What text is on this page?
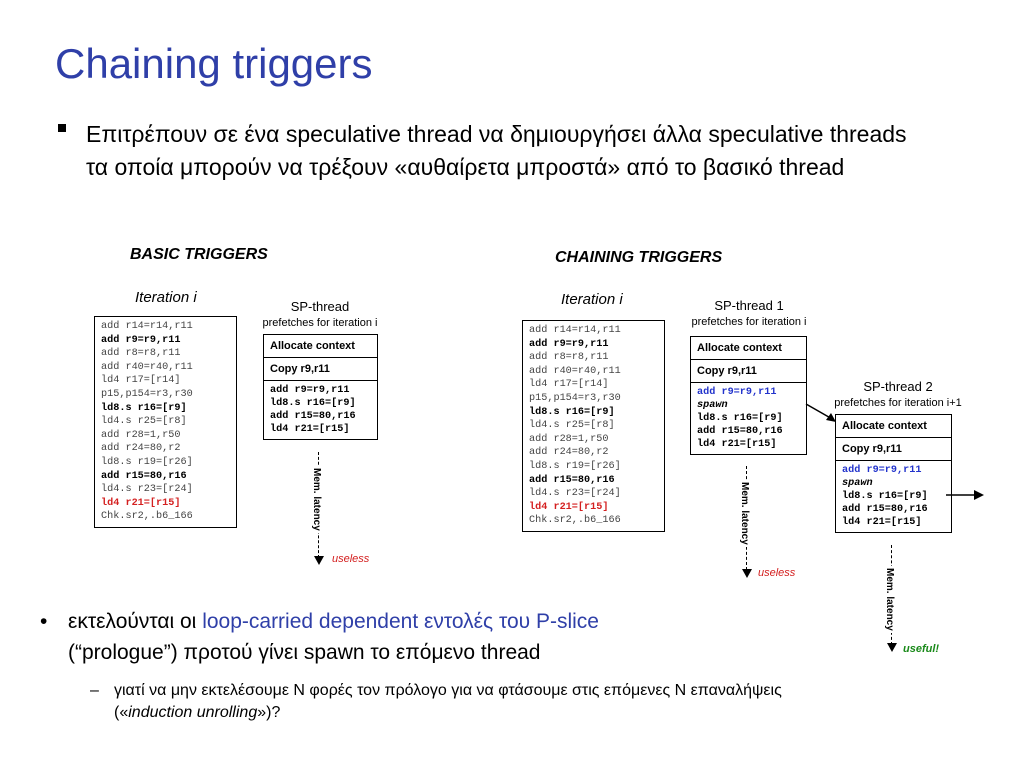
Chaining triggers
Επιτρέπουν σε ένα speculative thread να δημιουργήσει άλλα speculative threads τα οποία μπορούν να τρέξουν «αυθαίρετα μπροστά» από το βασικό thread
BASIC TRIGGERS
Iteration i
add r14=r14,r11
add r9=r9,r11
add r8=r8,r11
add r40=r40,r11
ld4 r17=[r14]
p15,p154=r3,r30
ld8.s r16=[r9]
ld4.s r25=[r8]
add r28=1,r50
add r24=80,r2
ld8.s r19=[r26]
add r15=80,r16
ld4.s r23=[r24]
ld4 r21=[r15]
Chk.sr2,.b6_166
SP-thread
prefetches for iteration i
Allocate context
Copy r9,r11
add r9=r9,r11
ld8.s r16=[r9]
add r15=80,r16
ld4 r21=[r15]
Mem. latency
useless
CHAINING TRIGGERS
Iteration i
add r14=r14,r11
add r9=r9,r11
add r8=r8,r11
add r40=r40,r11
ld4 r17=[r14]
p15,p154=r3,r30
ld8.s r16=[r9]
ld4.s r25=[r8]
add r28=1,r50
add r24=80,r2
ld8.s r19=[r26]
add r15=80,r16
ld4.s r23=[r24]
ld4 r21=[r15]
Chk.sr2,.b6_166
SP-thread 1
prefetches for iteration i
Allocate context
Copy r9,r11
add r9=r9,r11
spawn
ld8.s r16=[r9]
add r15=80,r16
ld4 r21=[r15]
Mem. latency
useless
SP-thread 2
prefetches for iteration i+1
Allocate context
Copy r9,r11
add r9=r9,r11
spawn
ld8.s r16=[r9]
add r15=80,r16
ld4 r21=[r15]
Mem. latency
useful!
• εκτελούνται οι loop-carried dependent εντολές του P-slice
(“prologue”) προτού γίνει spawn το επόμενο thread
– γιατί να μην εκτελέσουμε N φορές τον πρόλογο για να φτάσουμε στις επόμενες N επαναλήψεις («induction unrolling»)?
